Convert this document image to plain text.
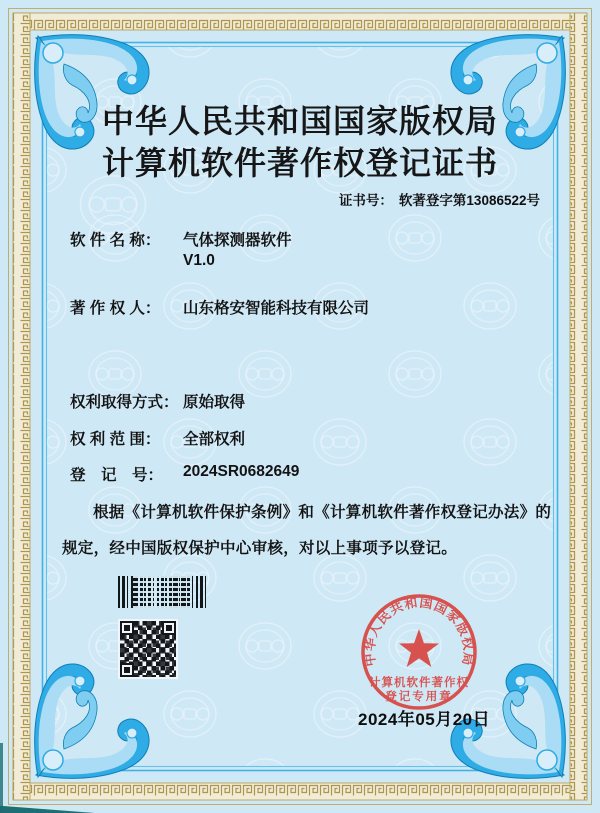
中华人民共和国国家版权局
计算机软件著作权
登记专用章
中华人民共和国国家版权局
计算机软件著作权登记证书
证书号： 软著登字第13086522号
软 件 名 称：	气体探测器软件
V1.0
著 作 权 人：	山东格安智能科技有限公司
权利取得方式： 原始取得
权 利 范 围：	全部权利
登　记　号：	2024SR0682649
根据《计算机软件保护条例》和《计算机软件著作权登记办法》的
规定，经中国版权保护中心审核，对以上事项予以登记。
2024年05月20日
